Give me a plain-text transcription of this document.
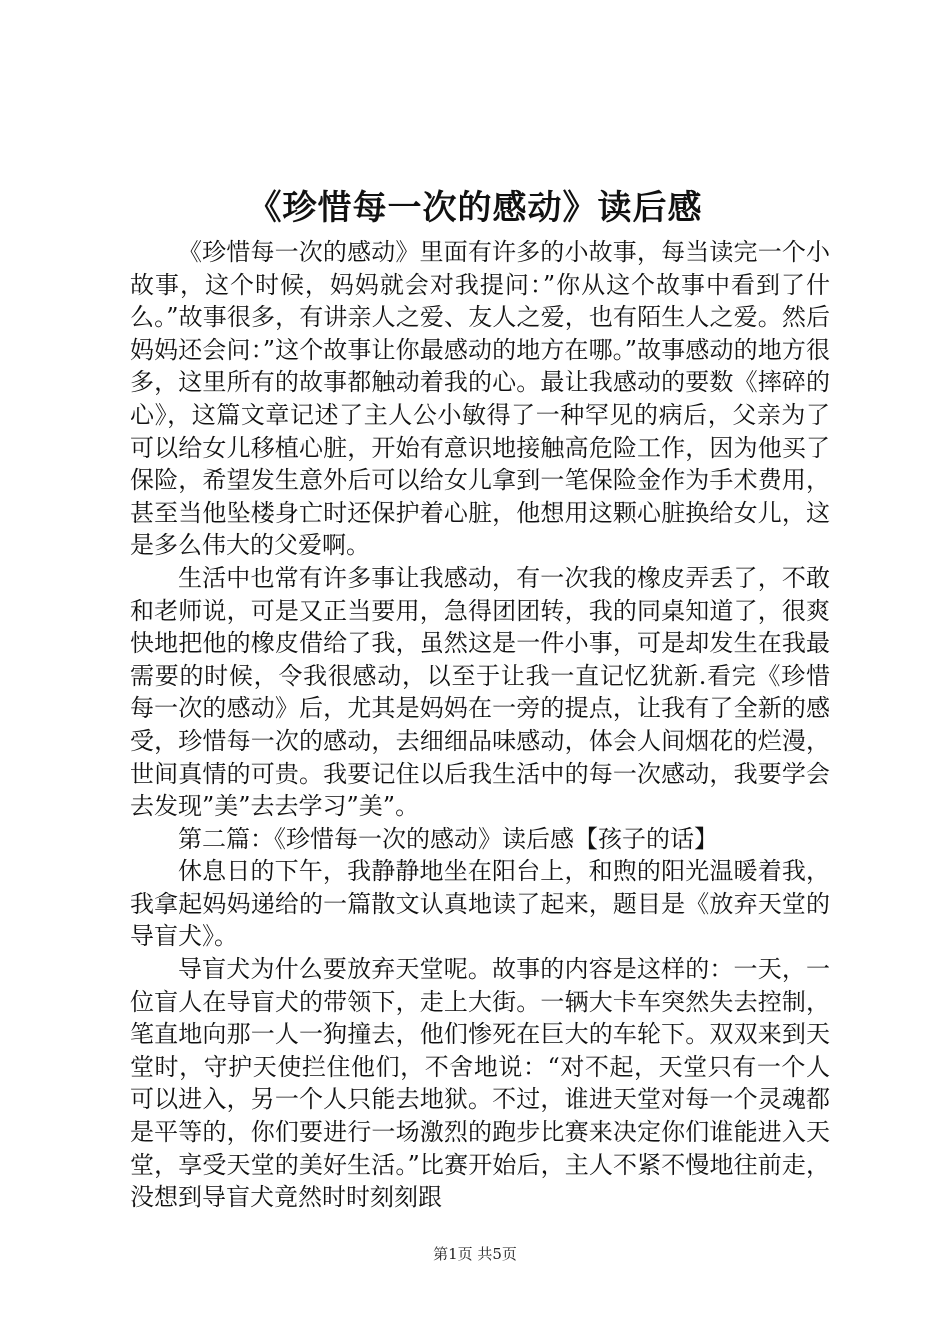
《珍惜每一次的感动》读后感

《珍惜每一次的感动》里面有许多的小故事，每当读完一个小故事，这个时候，妈妈就会对我提问：”你从这个故事中看到了什么。”故事很多，有讲亲人之爱、友人之爱，也有陌生人之爱。然后妈妈还会问：”这个故事让你最感动的地方在哪。”故事感动的地方很多，这里所有的故事都触动着我的心。最让我感动的要数《摔碎的心》，这篇文章记述了主人公小敏得了一种罕见的病后，父亲为了可以给女儿移植心脏，开始有意识地接触高危险工作，因为他买了保险，希望发生意外后可以给女儿拿到一笔保险金作为手术费用，甚至当他坠楼身亡时还保护着心脏，他想用这颗心脏换给女儿，这是多么伟大的父爱啊。

生活中也常有许多事让我感动，有一次我的橡皮弄丢了，不敢和老师说，可是又正当要用，急得团团转，我的同桌知道了，很爽快地把他的橡皮借给了我，虽然这是一件小事，可是却发生在我最需要的时候，令我很感动，以至于让我一直记忆犹新.看完《珍惜每一次的感动》后，尤其是妈妈在一旁的提点，让我有了全新的感受，珍惜每一次的感动，去细细品味感动，体会人间烟花的烂漫，世间真情的可贵。我要记住以后我生活中的每一次感动，我要学会去发现”美”去去学习”美”。

第二篇：《珍惜每一次的感动》读后感【孩子的话】

休息日的下午，我静静地坐在阳台上，和煦的阳光温暖着我，我拿起妈妈递给的一篇散文认真地读了起来，题目是《放弃天堂的导盲犬》。

导盲犬为什么要放弃天堂呢。故事的内容是这样的：一天，一位盲人在导盲犬的带领下，走上大街。一辆大卡车突然失去控制，笔直地向那一人一狗撞去，他们惨死在巨大的车轮下。双双来到天堂时，守护天使拦住他们，不舍地说：“对不起，天堂只有一个人可以进入，另一个人只能去地狱。不过，谁进天堂对每一个灵魂都是平等的，你们要进行一场激烈的跑步比赛来决定你们谁能进入天堂，享受天堂的美好生活。”比赛开始后，主人不紧不慢地往前走，没想到导盲犬竟然时时刻刻跟

第1页 共5页
